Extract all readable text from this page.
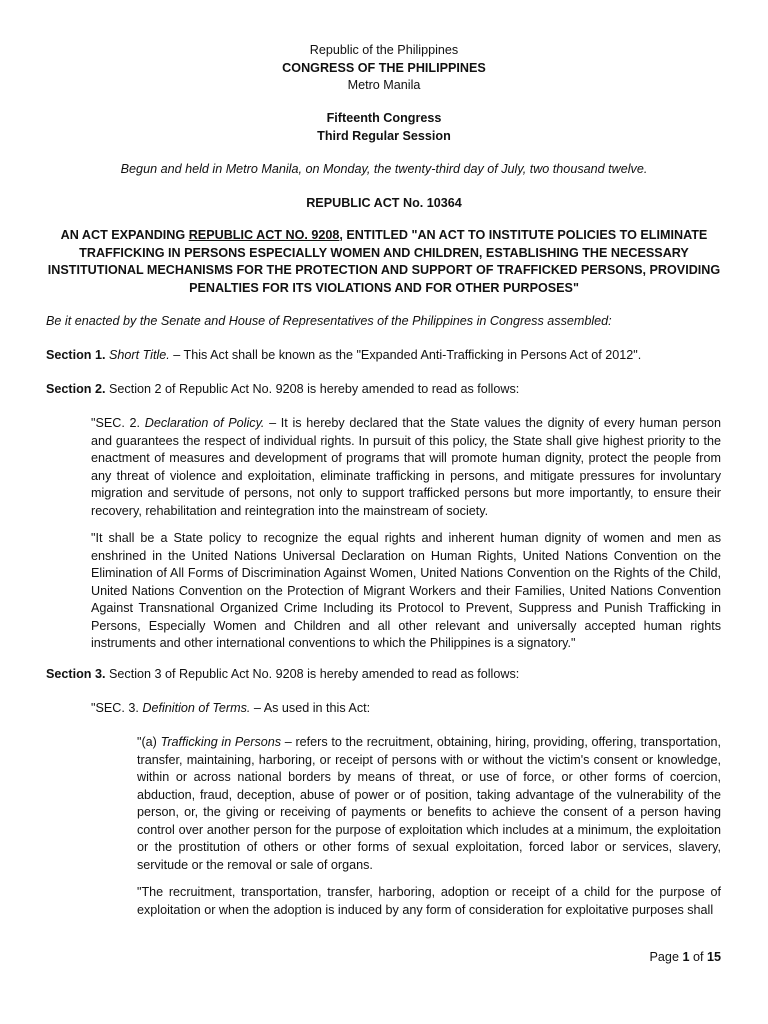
Republic of the Philippines
CONGRESS OF THE PHILIPPINES
Metro Manila
Fifteenth Congress
Third Regular Session
Begun and held in Metro Manila, on Monday, the twenty-third day of July, two thousand twelve.
REPUBLIC ACT No. 10364
AN ACT EXPANDING REPUBLIC ACT NO. 9208, ENTITLED "AN ACT TO INSTITUTE POLICIES TO ELIMINATE TRAFFICKING IN PERSONS ESPECIALLY WOMEN AND CHILDREN, ESTABLISHING THE NECESSARY INSTITUTIONAL MECHANISMS FOR THE PROTECTION AND SUPPORT OF TRAFFICKED PERSONS, PROVIDING PENALTIES FOR ITS VIOLATIONS AND FOR OTHER PURPOSES"
Be it enacted by the Senate and House of Representatives of the Philippines in Congress assembled:
Section 1. Short Title. – This Act shall be known as the "Expanded Anti-Trafficking in Persons Act of 2012".
Section 2. Section 2 of Republic Act No. 9208 is hereby amended to read as follows:
"SEC. 2. Declaration of Policy. – It is hereby declared that the State values the dignity of every human person and guarantees the respect of individual rights. In pursuit of this policy, the State shall give highest priority to the enactment of measures and development of programs that will promote human dignity, protect the people from any threat of violence and exploitation, eliminate trafficking in persons, and mitigate pressures for involuntary migration and servitude of persons, not only to support trafficked persons but more importantly, to ensure their recovery, rehabilitation and reintegration into the mainstream of society.
"It shall be a State policy to recognize the equal rights and inherent human dignity of women and men as enshrined in the United Nations Universal Declaration on Human Rights, United Nations Convention on the Elimination of All Forms of Discrimination Against Women, United Nations Convention on the Rights of the Child, United Nations Convention on the Protection of Migrant Workers and their Families, United Nations Convention Against Transnational Organized Crime Including its Protocol to Prevent, Suppress and Punish Trafficking in Persons, Especially Women and Children and all other relevant and universally accepted human rights instruments and other international conventions to which the Philippines is a signatory."
Section 3. Section 3 of Republic Act No. 9208 is hereby amended to read as follows:
"SEC. 3. Definition of Terms. – As used in this Act:
"(a) Trafficking in Persons – refers to the recruitment, obtaining, hiring, providing, offering, transportation, transfer, maintaining, harboring, or receipt of persons with or without the victim's consent or knowledge, within or across national borders by means of threat, or use of force, or other forms of coercion, abduction, fraud, deception, abuse of power or of position, taking advantage of the vulnerability of the person, or, the giving or receiving of payments or benefits to achieve the consent of a person having control over another person for the purpose of exploitation which includes at a minimum, the exploitation or the prostitution of others or other forms of sexual exploitation, forced labor or services, slavery, servitude or the removal or sale of organs.
"The recruitment, transportation, transfer, harboring, adoption or receipt of a child for the purpose of exploitation or when the adoption is induced by any form of consideration for exploitative purposes shall
Page 1 of 15
